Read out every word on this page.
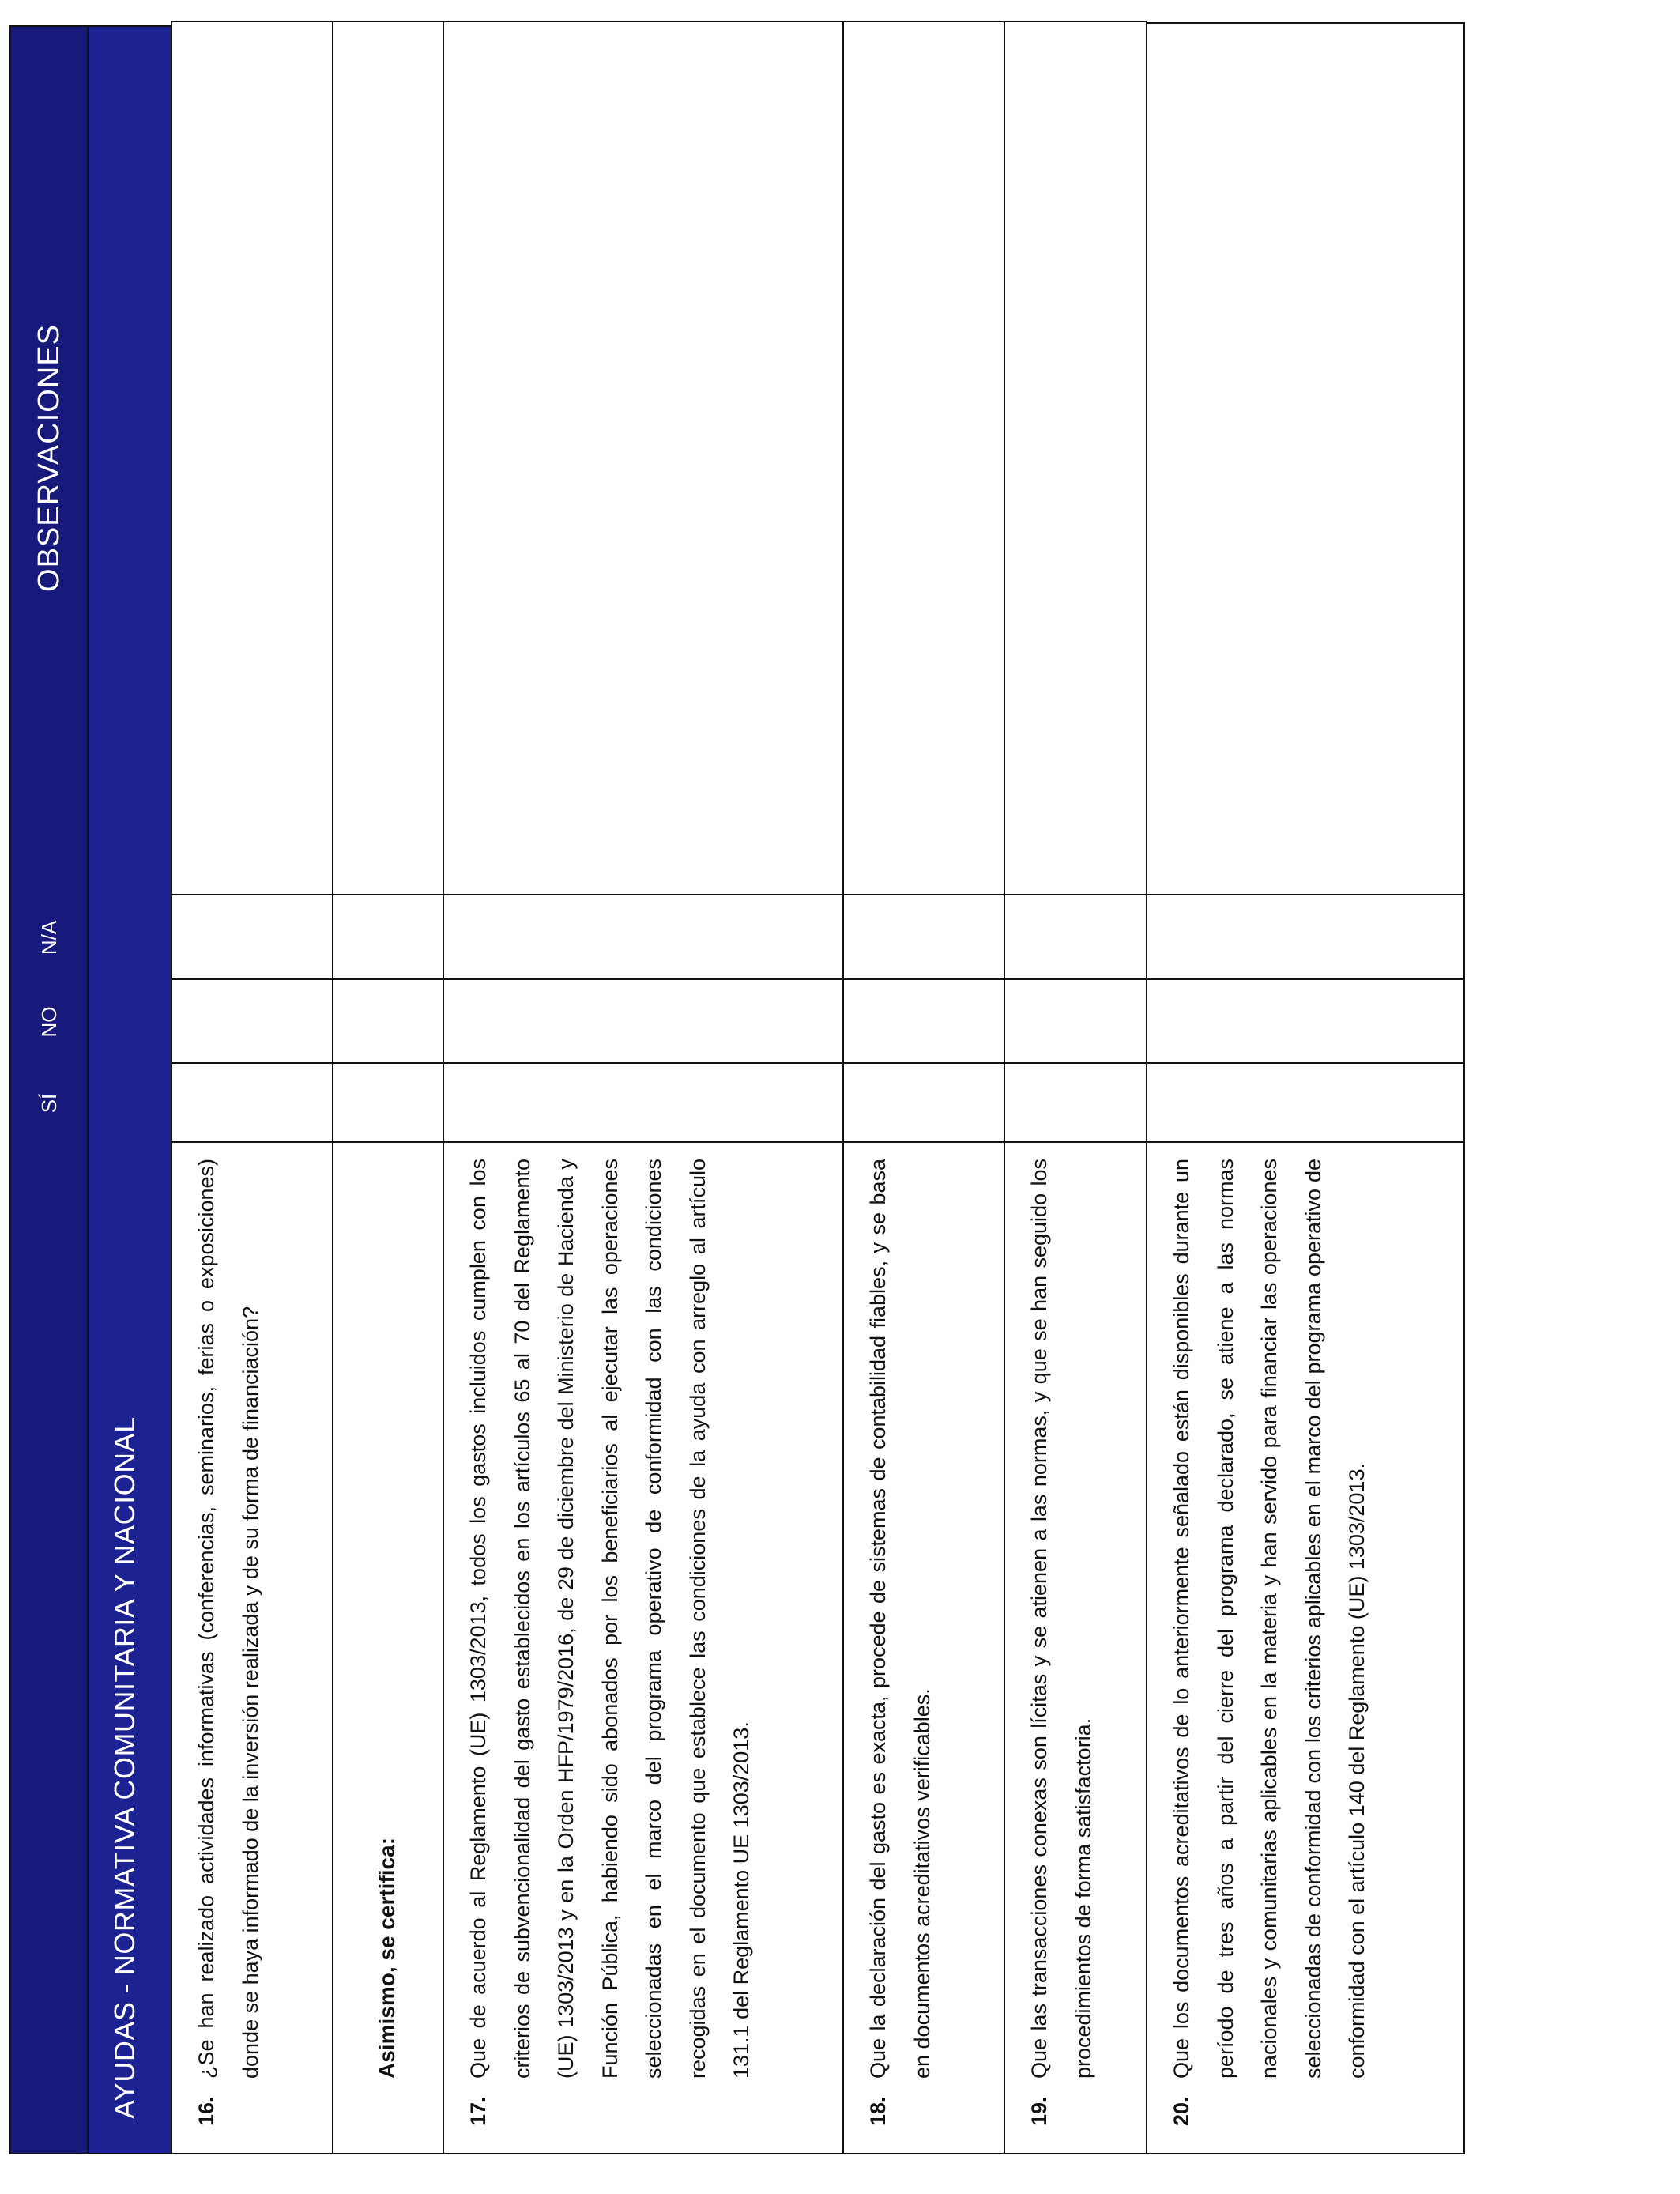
AYUDAS - NORMATIVA COMUNITARIA Y NACIONAL
SÍ
NO
N/A
OBSERVACIONES
16.
¿Se han realizado actividades informativas (conferencias, seminarios, ferias o exposiciones) donde se haya informado de la inversión realizada y de su forma de financiación?	Asimismo, se certifica:
17.
Que de acuerdo al Reglamento (UE) 1303/2013, todos los gastos incluidos cumplen con los criterios de subvencionalidad del gasto establecidos en los artículos 65 al 70 del Reglamento (UE) 1303/2013 y en la Orden HFP/1979/2016, de 29 de diciembre del Ministerio de Hacienda y Función Pública, habiendo sido abonados por los beneficiarios al ejecutar las operaciones seleccionadas en el marco del programa operativo de conformidad con las condiciones recogidas en el documento que establece las condiciones de la ayuda con arreglo al artículo 131.1 del Reglamento UE 1303/2013.
18.
Que la declaración del gasto es exacta, procede de sistemas de contabilidad fiables, y se basa en documentos acreditativos verificables.
19.
Que las transacciones conexas son lícitas y se atienen a las normas, y que se han seguido los procedimientos de forma satisfactoria.
20.
Que los documentos acreditativos de lo anteriormente señalado están disponibles durante un período de tres años a partir del cierre del programa declarado, se atiene a las normas nacionales y comunitarias aplicables en la materia y han servido para financiar las operaciones seleccionadas de conformidad con los criterios aplicables en el marco del programa operativo de conformidad con el artículo 140 del Reglamento (UE) 1303/2013.
